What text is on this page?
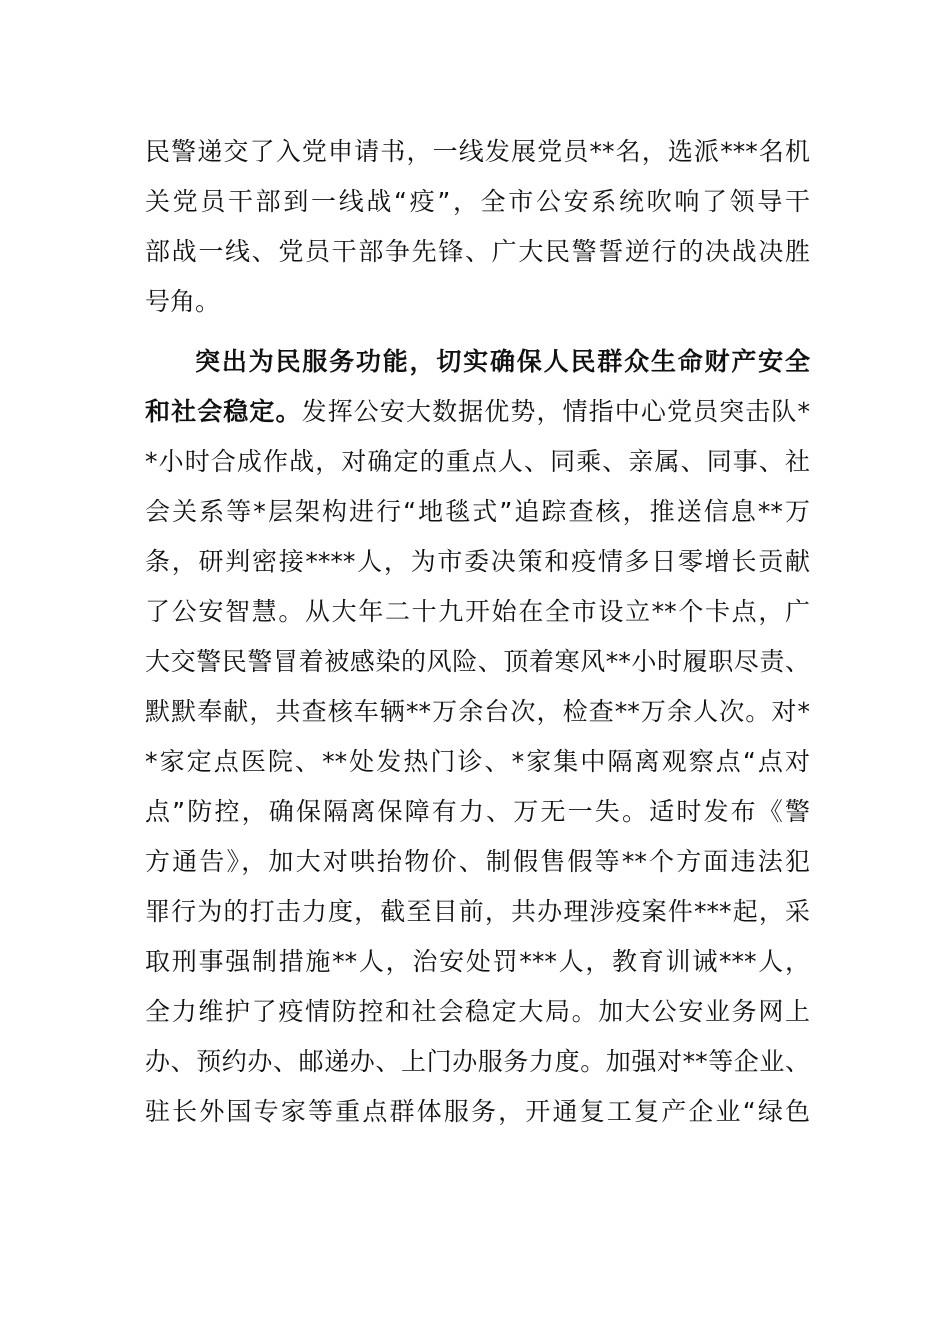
民警递交了入党申请书，一线发展党员**名，选派***名机
关党员干部到一线战“疫”，全市公安系统吹响了领导干
部战一线、党员干部争先锋、广大民警誓逆行的决战决胜
号角。
突出为民服务功能，切实确保人民群众生命财产安全
和社会稳定。发挥公安大数据优势，情指中心党员突击队*
*小时合成作战，对确定的重点人、同乘、亲属、同事、社
会关系等*层架构进行“地毯式”追踪查核，推送信息**万
条，研判密接****人，为市委决策和疫情多日零增长贡献
了公安智慧。从大年二十九开始在全市设立**个卡点，广
大交警民警冒着被感染的风险、顶着寒风**小时履职尽责、
默默奉献，共查核车辆**万余台次，检查**万余人次。对*
*家定点医院、**处发热门诊、*家集中隔离观察点“点对
点”防控，确保隔离保障有力、万无一失。适时发布《警
方通告》，加大对哄抬物价、制假售假等**个方面违法犯
罪行为的打击力度，截至目前，共办理涉疫案件***起，采
取刑事强制措施**人，治安处罚***人，教育训诫***人，
全力维护了疫情防控和社会稳定大局。加大公安业务网上
办、预约办、邮递办、上门办服务力度。加强对**等企业、
驻长外国专家等重点群体服务，开通复工复产企业“绿色
